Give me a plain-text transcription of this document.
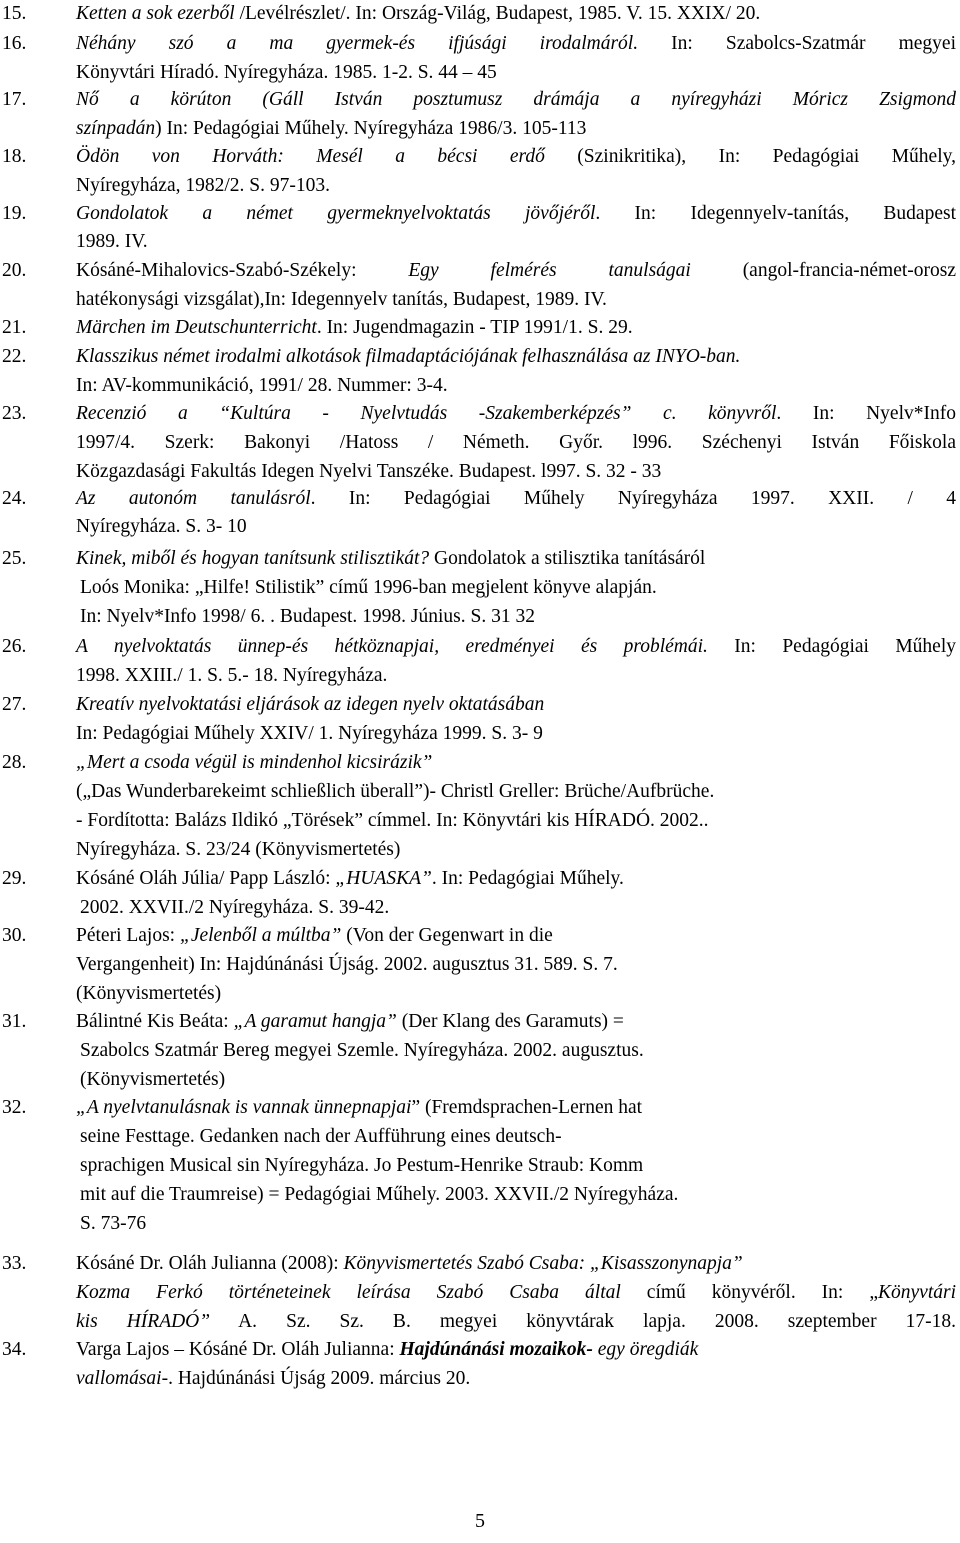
15.	Ketten a sok ezerből /Levélrészlet/. In: Ország-Világ, Budapest, 1985. V. 15. XXIX/ 20.
16.	Néhány szó a ma gyermek-és ifjúsági irodalmáról. In: Szabolcs-Szatmár megyei
Könyvtári Híradó. Nyíregyháza. 1985. 1-2. S. 44 – 45
17.	Nő a körúton (Gáll István posztumusz drámája a nyíregyházi Móricz Zsigmond
színpadán) In: Pedagógiai Műhely. Nyíregyháza 1986/3. 105-113
18.	Ödön von Horváth: Mesél a bécsi erdő (Szinikritika), In: Pedagógiai Műhely,
Nyíregyháza, 1982/2. S. 97-103.
19.	Gondolatok a német gyermeknyelvoktatás jövőjéről. In: Idegennyelv-tanítás, Budapest
1989. IV.
20.	Kósáné-Mihalovics-Szabó-Székely: Egy felmérés tanulságai (angol-francia-német-orosz
hatékonysági vizsgálat),In: Idegennyelv tanítás, Budapest, 1989. IV.
21.	Märchen im Deutschunterricht. In: Jugendmagazin - TIP 1991/1. S. 29.
22.	Klasszikus német irodalmi alkotások filmadaptációjának felhasználása az INYO-ban.
In: AV-kommunikáció, 1991/ 28. Nummer: 3-4.
23.	Recenzió a “Kultúra - Nyelvtudás -Szakemberképzés” c. könyvről. In: Nyelv*Info
1997/4. Szerk: Bakonyi /Hatoss / Németh. Győr. l996. Széchenyi István Főiskola
Közgazdasági Fakultás Idegen Nyelvi Tanszéke. Budapest. l997. S. 32 - 33
24.	Az autonóm tanulásról. In: Pedagógiai Műhely Nyíregyháza 1997. XXII. / 4
Nyíregyháza. S. 3- 10
25.	Kinek, miből és hogyan tanítsunk stilisztikát? Gondolatok a stilisztika tanításáról
Loós Monika: „Hilfe! Stilistik” című 1996-ban megjelent könyve alapján.
In: Nyelv*Info 1998/ 6. . Budapest. 1998. Június. S. 31 32
26.	A nyelvoktatás ünnep-és hétköznapjai, eredményei és problémái. In: Pedagógiai Műhely
1998. XXIII./ 1. S. 5.- 18. Nyíregyháza.
27.	Kreatív nyelvoktatási eljárások az idegen nyelv oktatásában
In: Pedagógiai Műhely XXIV/ 1. Nyíregyháza 1999. S. 3- 9
28.	„Mert a csoda végül is mindenhol kicsirázik”
(„Das Wunderbarekeimt schließlich überall”)- Christl Greller: Brüche/Aufbrüche.
- Fordította: Balázs Ildikó „Törések” címmel. In: Könyvtári kis HÍRADÓ. 2002..
Nyíregyháza. S. 23/24 (Könyvismertetés)
29.	Kósáné Oláh Júlia/ Papp László: „HUASKA”. In: Pedagógiai Műhely.
2002. XXVII./2 Nyíregyháza. S. 39-42.
30.	Péteri Lajos: „Jelenből a múltba” (Von der Gegenwart in die
Vergangenheit) In: Hajdúnánási Újság. 2002. augusztus 31. 589. S. 7.
(Könyvismertetés)
31.	Bálintné Kis Beáta: „A garamut hangja” (Der Klang des Garamuts) =
Szabolcs Szatmár Bereg megyei Szemle. Nyíregyháza. 2002. augusztus.
(Könyvismertetés)
32.	„A nyelvtanulásnak is vannak ünnepnapjai” (Fremdsprachen-Lernen hat
seine Festtage. Gedanken nach der Aufführung eines deutsch-
sprachigen Musical sin Nyíregyháza. Jo Pestum-Henrike Straub: Komm
mit auf die Traumreise) = Pedagógiai Műhely. 2003. XXVII./2 Nyíregyháza.
S. 73-76
33.	Kósáné Dr. Oláh Julianna (2008): Könyvismertetés Szabó Csaba: „Kisasszonynapja”
Kozma Ferkó történeteinek leírása Szabó Csaba által című könyvéről. In: „Könyvtári
kis HÍRADÓ” A. Sz. Sz. B. megyei könyvtárak lapja. 2008. szeptember 17-18.
34.	Varga Lajos – Kósáné Dr. Oláh Julianna: Hajdúnánási mozaikok- egy öregdiák
vallomásai-. Hajdúnánási Újság 2009. március 20.
5
